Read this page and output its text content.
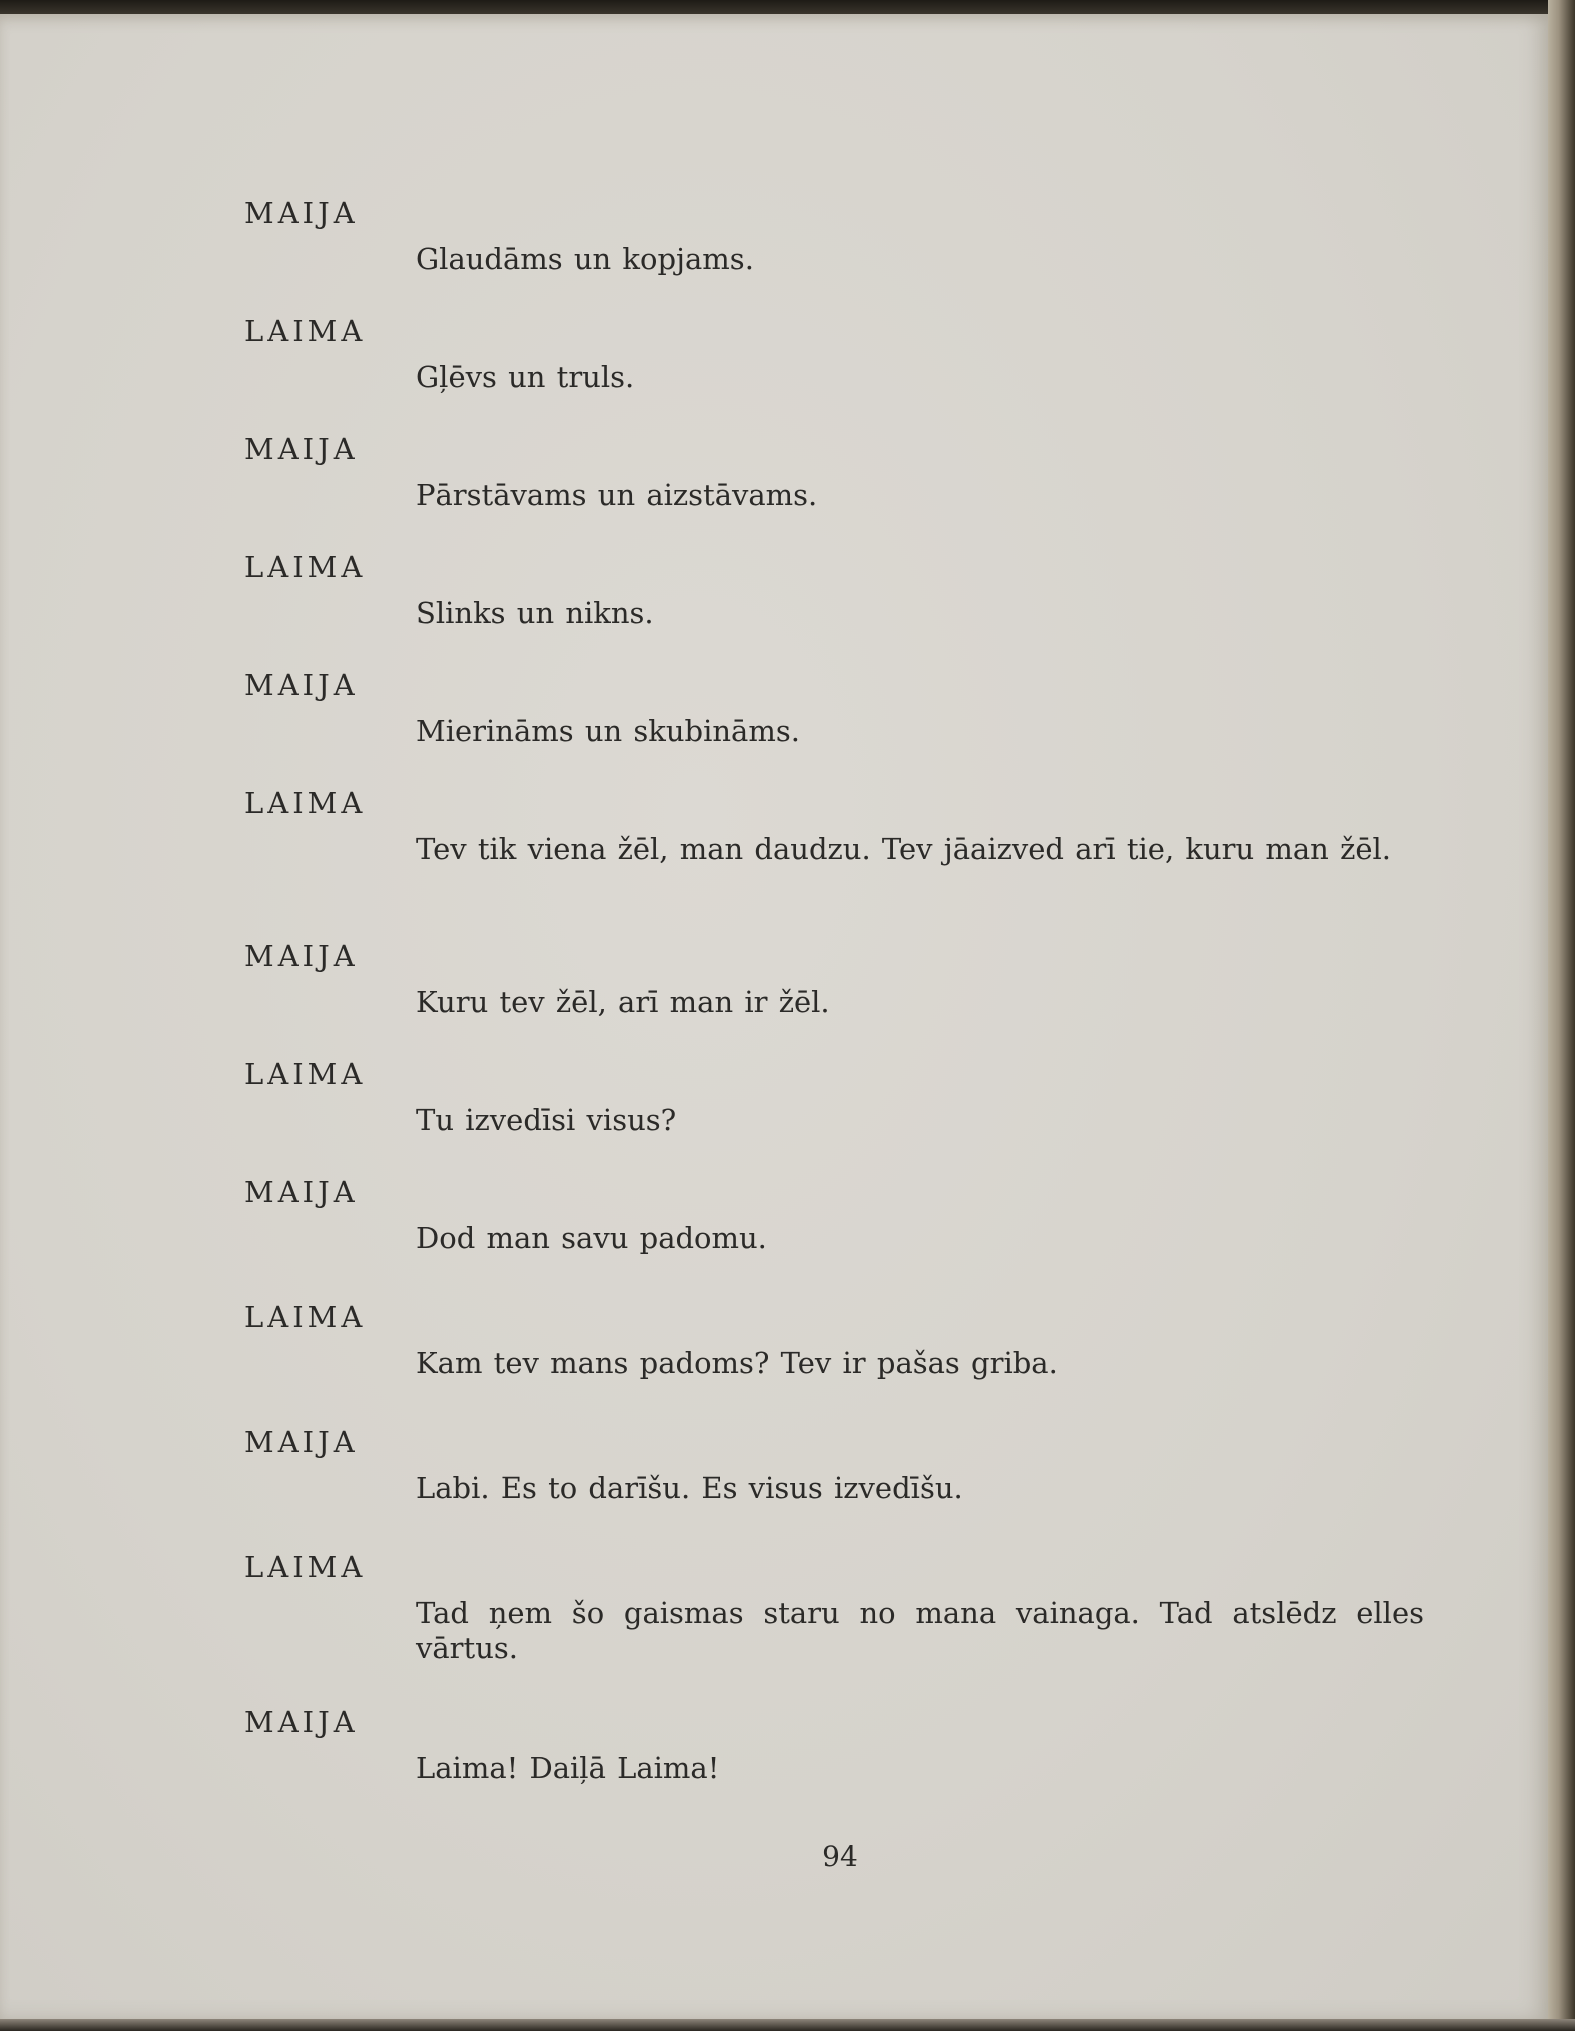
MAIJA
Glaudāms un kopjams.
LAIMA
Gļēvs un truls.
MAIJA
Pārstāvams un aizstāvams.
LAIMA
Slinks un nikns.
MAIJA
Mierināms un skubināms.
LAIMA
Tev tik viena žēl, man daudzu. Tev jāaizved arī tie, kuru man žēl.
MAIJA
Kuru tev žēl, arī man ir žēl.
LAIMA
Tu izvedīsi visus?
MAIJA
Dod man savu padomu.
LAIMA
Kam tev mans padoms? Tev ir pašas griba.
MAIJA
Labi. Es to darīšu. Es visus izvedīšu.
LAIMA
Tad ņem šo gaismas staru no mana vainaga. Tad atslēdz elles vārtus.
MAIJA
Laima! Daiļā Laima!
94
